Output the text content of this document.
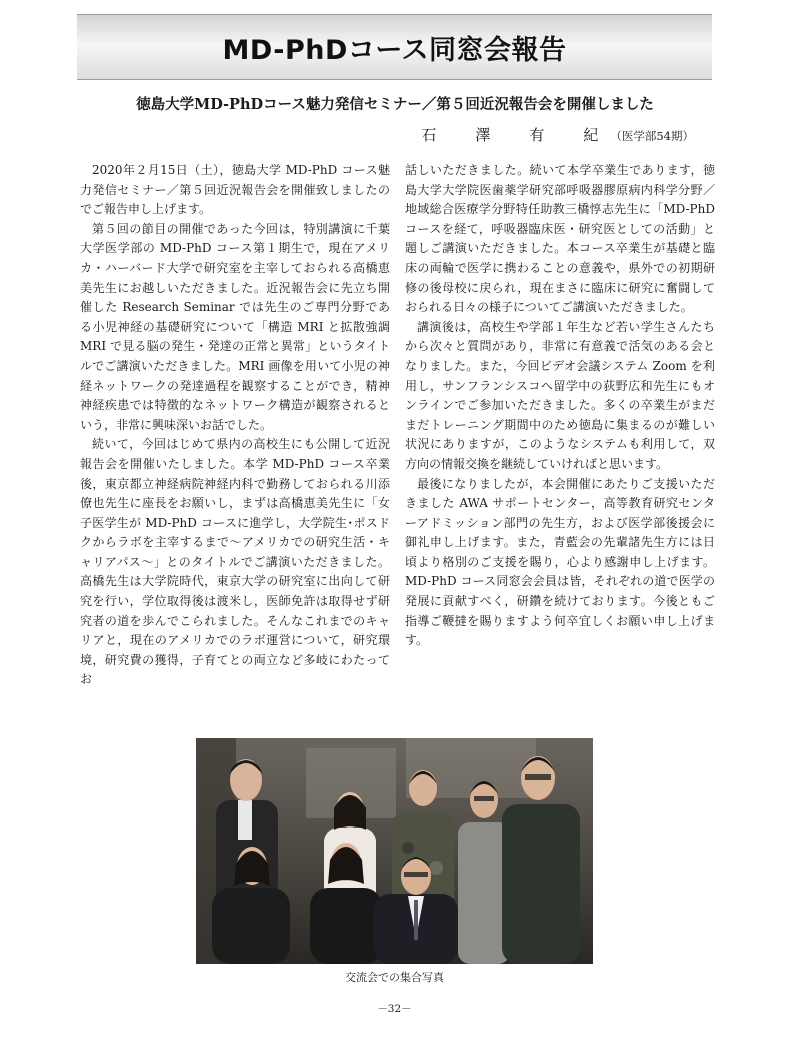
MD-PhDコース同窓会報告
徳島大学MD-PhDコース魅力発信セミナー／第５回近況報告会を開催しました
石　澤　有　紀（医学部54期）

2020年２月15日（土），徳島大学 MD-PhD コース魅力発信セミナー／第５回近況報告会を開催致しましたのでご報告申し上げます。

第５回の節目の開催であった今回は，特別講演に千葉大学医学部の MD-PhD コース第１期生で，現在アメリカ・ハーバード大学で研究室を主宰しておられる高橋恵美先生にお越しいただきました。近況報告会に先立ち開催した Research Seminar では先生のご専門分野である小児神経の基礎研究について「構造 MRI と拡散強調 MRI で見る脳の発生・発達の正常と異常」というタイトルでご講演いただきました。MRI 画像を用いて小児の神経ネットワークの発達過程を観察することができ，精神神経疾患では特徴的なネットワーク構造が観察されるという，非常に興味深いお話でした。

続いて，今回はじめて県内の高校生にも公開して近況報告会を開催いたしました。本学 MD-PhD コース卒業後，東京都立神経病院神経内科で勤務しておられる川添僚也先生に座長をお願いし，まずは高橋恵美先生に「女子医学生が MD-PhD コースに進学し，大学院生･ポスドクからラボを主宰するまで～アメリカでの研究生活・キャリアパス～」とのタイトルでご講演いただきました。高橋先生は大学院時代，東京大学の研究室に出向して研究を行い，学位取得後は渡米し，医師免許は取得せず研究者の道を歩んでこられました。そんなこれまでのキャリアと，現在のアメリカでのラボ運営について，研究環境，研究費の獲得，子育てとの両立など多岐にわたってお

話しいただきました。続いて本学卒業生であります，徳島大学大学院医歯薬学研究部呼吸器膠原病内科学分野／地域総合医療学分野特任助教三橋惇志先生に「MD-PhD コースを経て，呼吸器臨床医・研究医としての活動」と題しご講演いただきました。本コース卒業生が基礎と臨床の両輪で医学に携わることの意義や，県外での初期研修の後母校に戻られ，現在まさに臨床に研究に奮闘しておられる日々の様子についてご講演いただきました。

講演後は，高校生や学部１年生など若い学生さんたちから次々と質問があり，非常に有意義で活気のある会となりました。また，今回ビデオ会議システム Zoom を利用し，サンフランシスコへ留学中の荻野広和先生にもオンラインでご参加いただきました。多くの卒業生がまだまだトレーニング期間中のため徳島に集まるのが難しい状況にありますが，このようなシステムも利用して，双方向の情報交換を継続していければと思います。

最後になりましたが，本会開催にあたりご支援いただきました AWA サポートセンター，高等教育研究センターアドミッション部門の先生方，および医学部後援会に御礼申し上げます。また，青藍会の先輩諸先生方には日頃より格別のご支援を賜り，心より感謝申し上げます。MD-PhD コース同窓会会員は皆，それぞれの道で医学の発展に貢献すべく，研鑽を続けております。今後ともご指導ご鞭撻を賜りますよう何卒宜しくお願い申し上げます。

交流会での集合写真
－32－
